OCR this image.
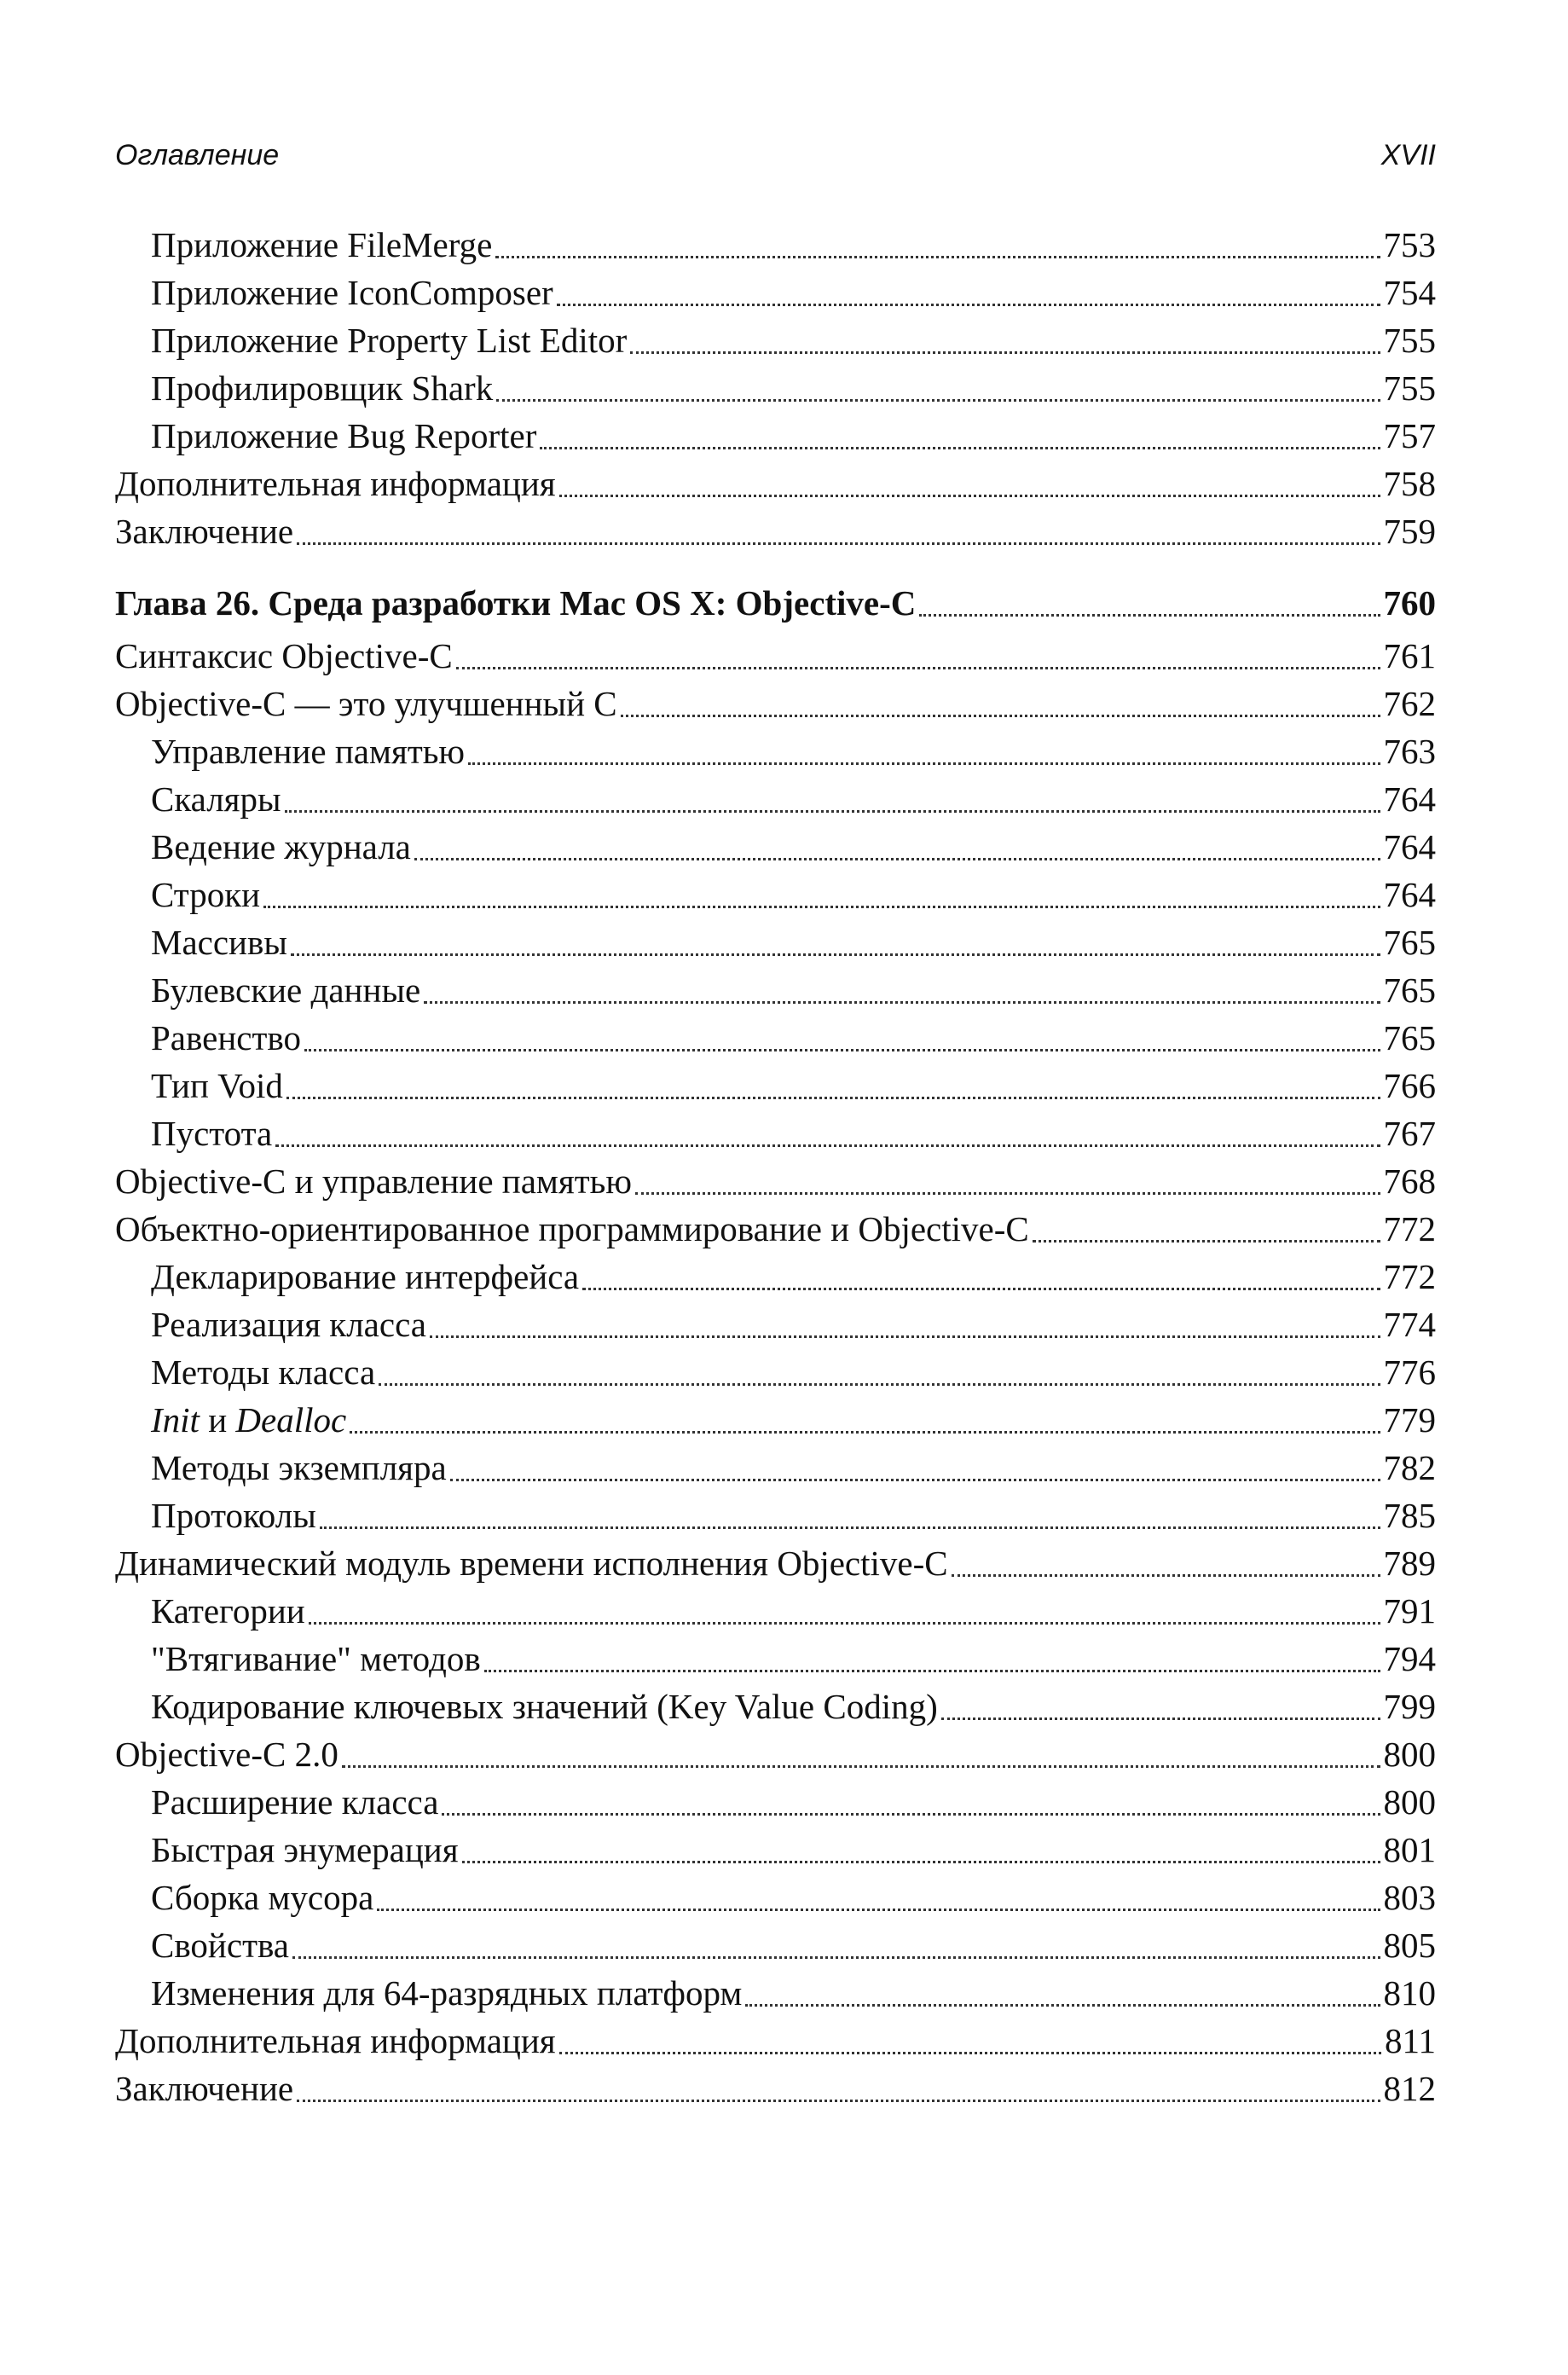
Оглавление	XVII
Приложение FileMerge	753
Приложение IconComposer	754
Приложение Property List Editor	755
Профилировщик Shark	755
Приложение Bug Reporter	757
Дополнительная информация	758
Заключение	759
Глава 26. Среда разработки Mac OS X: Objective-C	760
Синтаксис Objective-C	761
Objective-C — это улучшенный C	762
Управление памятью	763
Скаляры	764
Ведение журнала	764
Строки	764
Массивы	765
Булевские данные	765
Равенство	765
Тип Void	766
Пустота	767
Objective-C и управление памятью	768
Объектно-ориентированное программирование и Objective-C	772
Декларирование интерфейса	772
Реализация класса	774
Методы класса	776
Init и Dealloc	779
Методы экземпляра	782
Протоколы	785
Динамический модуль времени исполнения Objective-C	789
Категории	791
"Втягивание" методов	794
Кодирование ключевых значений (Key Value Coding)	799
Objective-C 2.0	800
Расширение класса	800
Быстрая энумерация	801
Сборка мусора	803
Свойства	805
Изменения для 64-разрядных платформ	810
Дополнительная информация	811
Заключение	812
